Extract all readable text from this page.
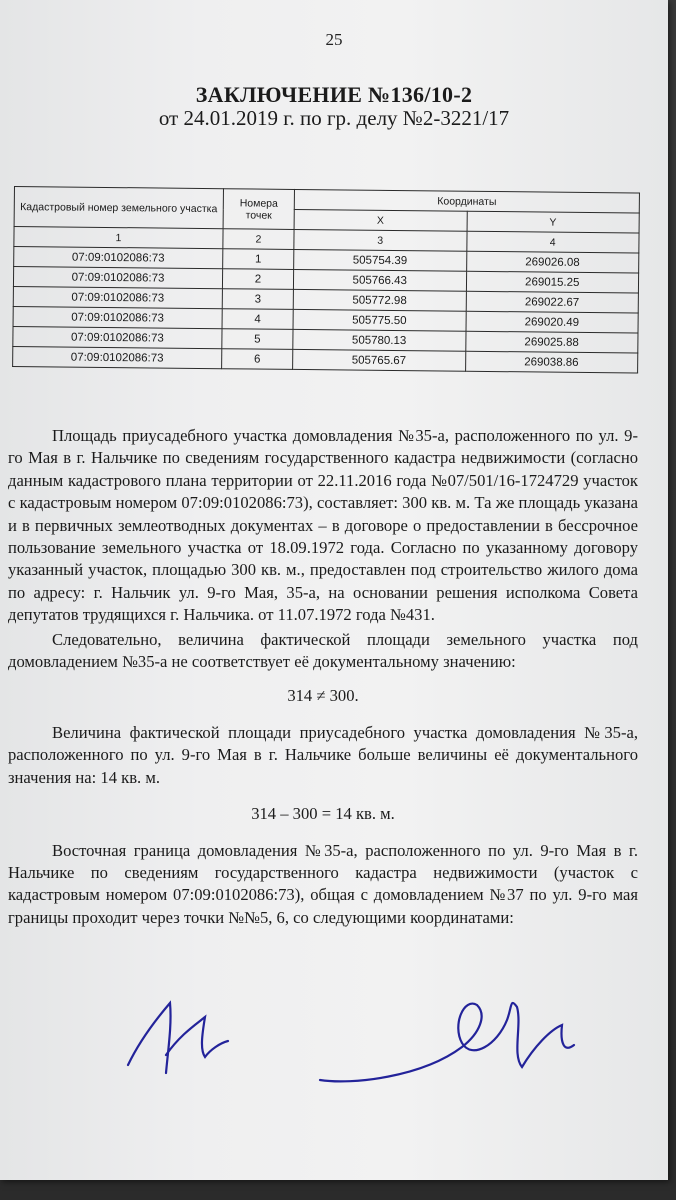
25
ЗАКЛЮЧЕНИЕ №136/10-2
от 24.01.2019 г. по гр. делу №2-3221/17
Кадастровый номер земельного участка	Номера точек	Координаты	
		X	Y
1	2	3	4
07:09:0102086:73	1	505754.39	269026.08
07:09:0102086:73	2	505766.43	269015.25
07:09:0102086:73	3	505772.98	269022.67
07:09:0102086:73	4	505775.50	269020.49
07:09:0102086:73	5	505780.13	269025.88
07:09:0102086:73	6	505765.67	269038.86

Площадь приусадебного участка домовладения №35-а, расположенного по ул. 9-го Мая в г. Нальчике по сведениям государственного кадастра недвижимости (согласно данным кадастрового плана территории от 22.11.2016 года №07/501/16-1724729 участок с кадастровым номером 07:09:0102086:73), составляет: 300 кв. м. Та же площадь указана и в первичных землеотводных документах – в договоре о предоставлении в бессрочное пользование земельного участка от 18.09.1972 года. Согласно по указанному договору указанный участок, площадью 300 кв. м., предоставлен под строительство жилого дома по адресу: г. Нальчик ул. 9-го Мая, 35-а, на основании решения исполкома Совета депутатов трудящихся г. Нальчика. от 11.07.1972 года №431.

Следовательно, величина фактической площади земельного участка под домовладением №35-а не соответствует её документальному значению:

314 ≠ 300.

Величина фактической площади приусадебного участка домовладения №35-а, расположенного по ул. 9-го Мая в г. Нальчике больше величины её документального значения на: 14 кв. м.

314 – 300 = 14 кв. м.

Восточная граница домовладения №35-а, расположенного по ул. 9-го Мая в г. Нальчике по сведениям государственного кадастра недвижимости (участок с кадастровым номером 07:09:0102086:73), общая с домовладением №37 по ул. 9-го мая границы проходит через точки №№5, 6, со следующими координатами:
